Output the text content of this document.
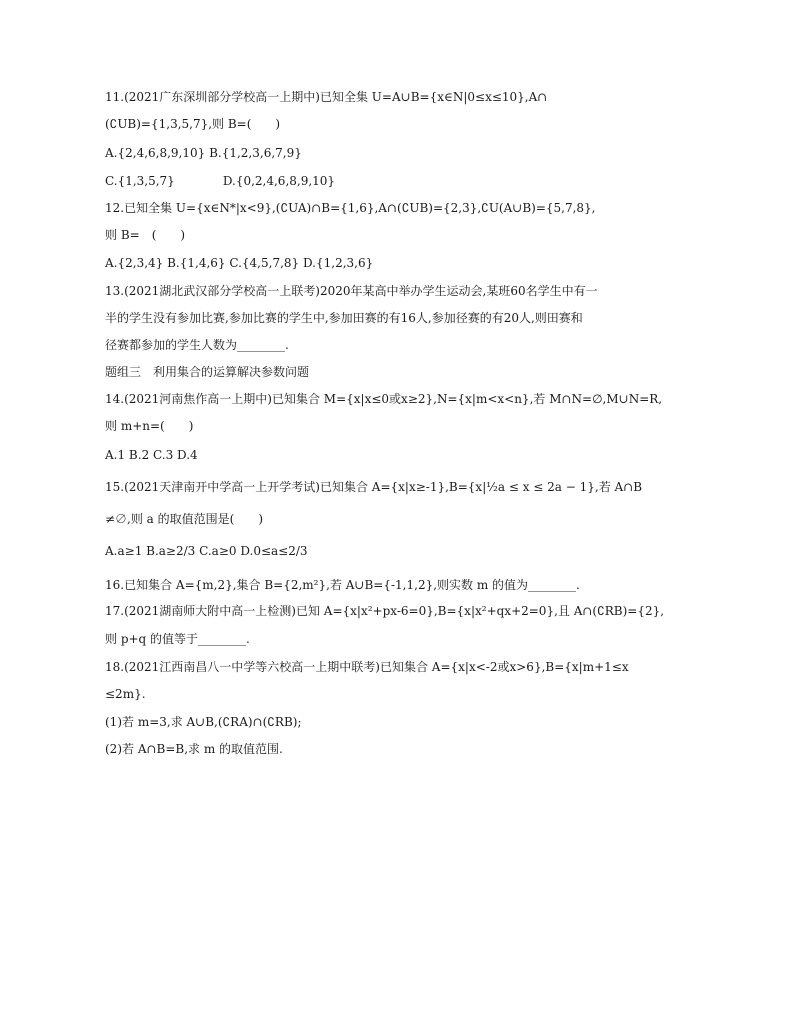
11.(2021广东深圳部分学校高一上期中)已知全集 U=A∪B={x∈N|0≤x≤10},A∩
(∁UB)={1,3,5,7},则 B=(　　)
A.{2,4,6,8,9,10} B.{1,2,3,6,7,9}
C.{1,3,5,7}　　　　D.{0,2,4,6,8,9,10}
12.已知全集 U={x∈N*|x<9},(∁UA)∩B={1,6},A∩(∁UB)={2,3},∁U(A∪B)={5,7,8},
则 B=　(　　)
A.{2,3,4} B.{1,4,6} C.{4,5,7,8} D.{1,2,3,6}
13.(2021湖北武汉部分学校高一上联考)2020年某高中举办学生运动会,某班60名学生中有一
半的学生没有参加比赛,参加比赛的学生中,参加田赛的有16人,参加径赛的有20人,则田赛和
径赛都参加的学生人数为________.
题组三　利用集合的运算解决参数问题
14.(2021河南焦作高一上期中)已知集合 M={x|x≤0或x≥2},N={x|m<x<n},若 M∩N=∅,M∪N=R,
则 m+n=(　　)
A.1 B.2 C.3 D.4
15.(2021天津南开中学高一上开学考试)已知集合 A={x|x≥-1},B={x|½a ≤ x ≤ 2a − 1},若 A∩B
≠∅,则 a 的取值范围是(　　)
A.a≥1 B.a≥2/3 C.a≥0 D.0≤a≤2/3
16.已知集合 A={m,2},集合 B={2,m²},若 A∪B={-1,1,2},则实数 m 的值为________.
17.(2021湖南师大附中高一上检测)已知 A={x|x²+px-6=0},B={x|x²+qx+2=0},且 A∩(∁RB)={2},
则 p+q 的值等于________.
18.(2021江西南昌八一中学等六校高一上期中联考)已知集合 A={x|x<-2或x>6},B={x|m+1≤x
≤2m}.
(1)若 m=3,求 A∪B,(∁RA)∩(∁RB);
(2)若 A∩B=B,求 m 的取值范围.
